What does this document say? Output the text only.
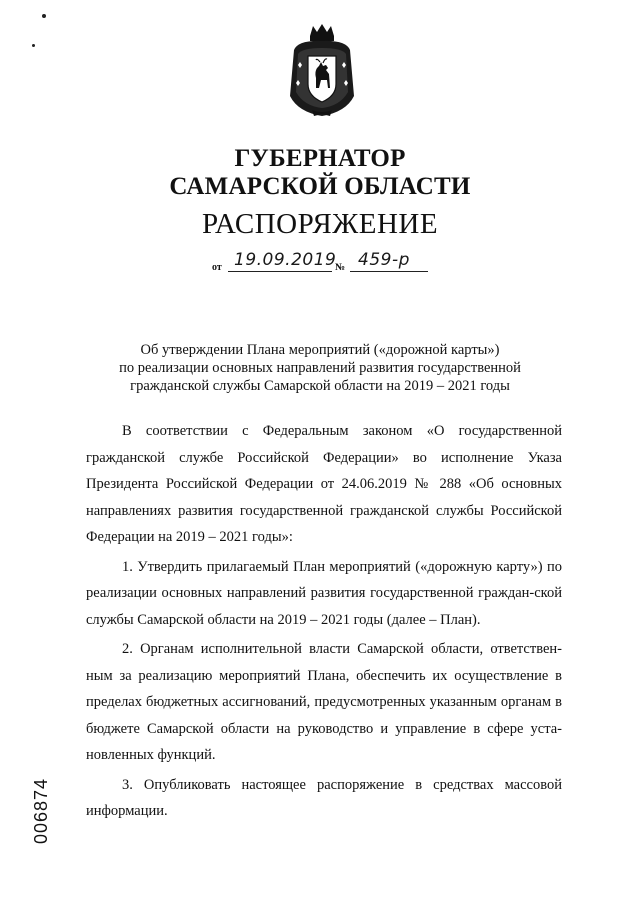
ГУБЕРНАТОР
САМАРСКОЙ ОБЛАСТИ
РАСПОРЯЖЕНИЕ
от 19.09.2019
№ 459-р
Об утверждении Плана мероприятий («дорожной карты»)
по реализации основных направлений развития государственной
гражданской службы Самарской области на 2019 – 2021 годы

В соответствии с Федеральным законом «О государственной гражданской службе Российской Федерации» во исполнение Указа Президента Российской Федерации от 24.06.2019 № 288 «Об основных направлениях развития государственной гражданской службы Российской Федерации на 2019 – 2021 годы»:

1. Утвердить прилагаемый План мероприятий («дорожную карту») по реализации основных направлений развития государственной граждан-ской службы Самарской области на 2019 – 2021 годы (далее – План).

2. Органам исполнительной власти Самарской области, ответствен-ным за реализацию мероприятий Плана, обеспечить их осуществление в пределах бюджетных ассигнований, предусмотренных указанным органам в бюджете Самарской области на руководство и управление в сфере уста-новленных функций.

3. Опубликовать настоящее распоряжение в средствах массовой информации.

006874
